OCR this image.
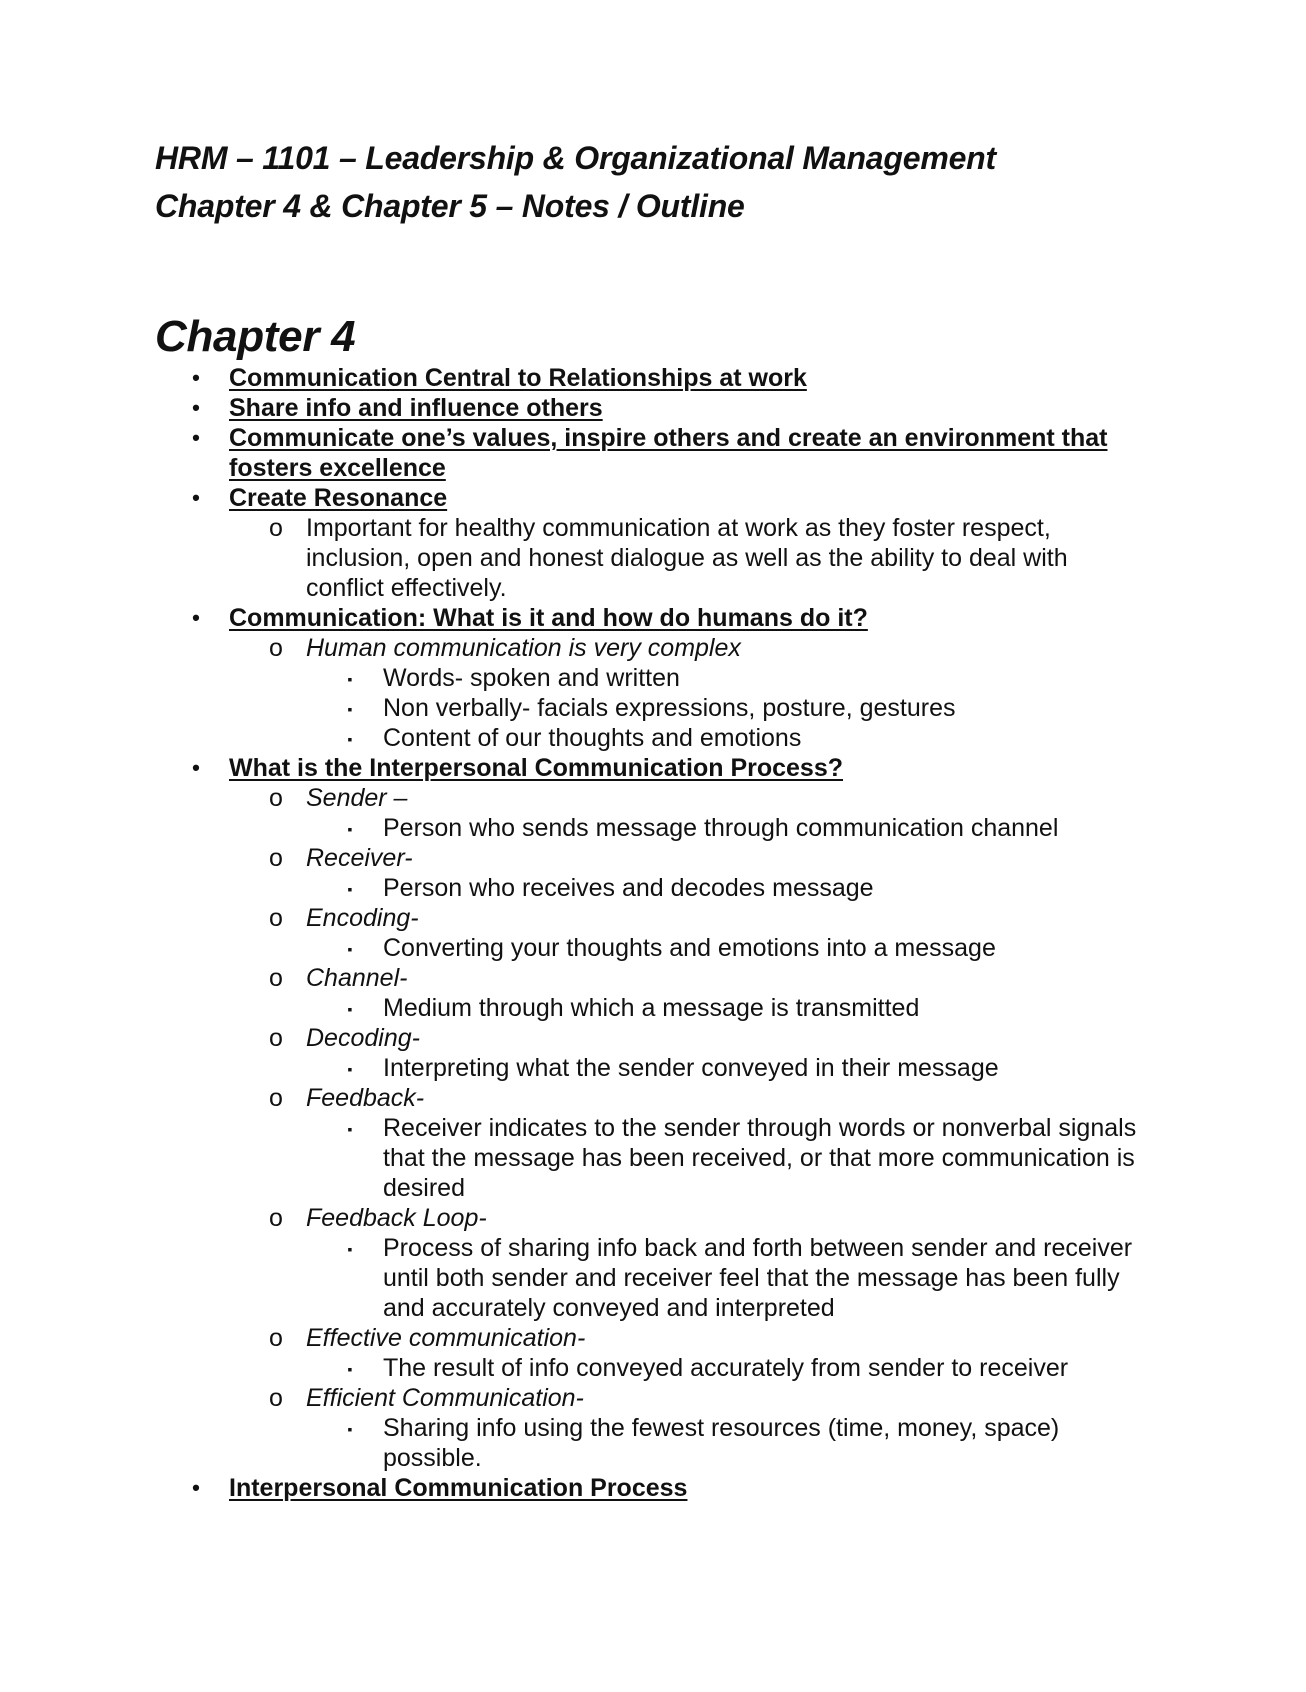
HRM – 1101 – Leadership & Organizational Management
Chapter 4 & Chapter 5 – Notes / Outline
Chapter 4
• Communication Central to Relationships at work
• Share info and influence others
• Communicate one’s values, inspire others and create an environment that fosters excellence
• Create Resonance
o Important for healthy communication at work as they foster respect, inclusion, open and honest dialogue as well as the ability to deal with conflict effectively.
• Communication: What is it and how do humans do it?
o Human communication is very complex
▪	Words- spoken and written
▪	Non verbally- facials expressions, posture, gestures
▪	Content of our thoughts and emotions
• What is the Interpersonal Communication Process?
o Sender –
▪	Person who sends message through communication channel
o Receiver-
▪	Person who receives and decodes message
o Encoding-
▪	Converting your thoughts and emotions into a message
o Channel-
▪	Medium through which a message is transmitted
o Decoding-
▪	Interpreting what the sender conveyed in their message
o Feedback-
▪	Receiver indicates to the sender through words or nonverbal signals that the message has been received, or that more communication is desired
o Feedback Loop-
▪	Process of sharing info back and forth between sender and receiver until both sender and receiver feel that the message has been fully and accurately conveyed and interpreted
o Effective communication-
▪	The result of info conveyed accurately from sender to receiver
o Efficient Communication-
▪	Sharing info using the fewest resources (time, money, space) possible.
• Interpersonal Communication Process
